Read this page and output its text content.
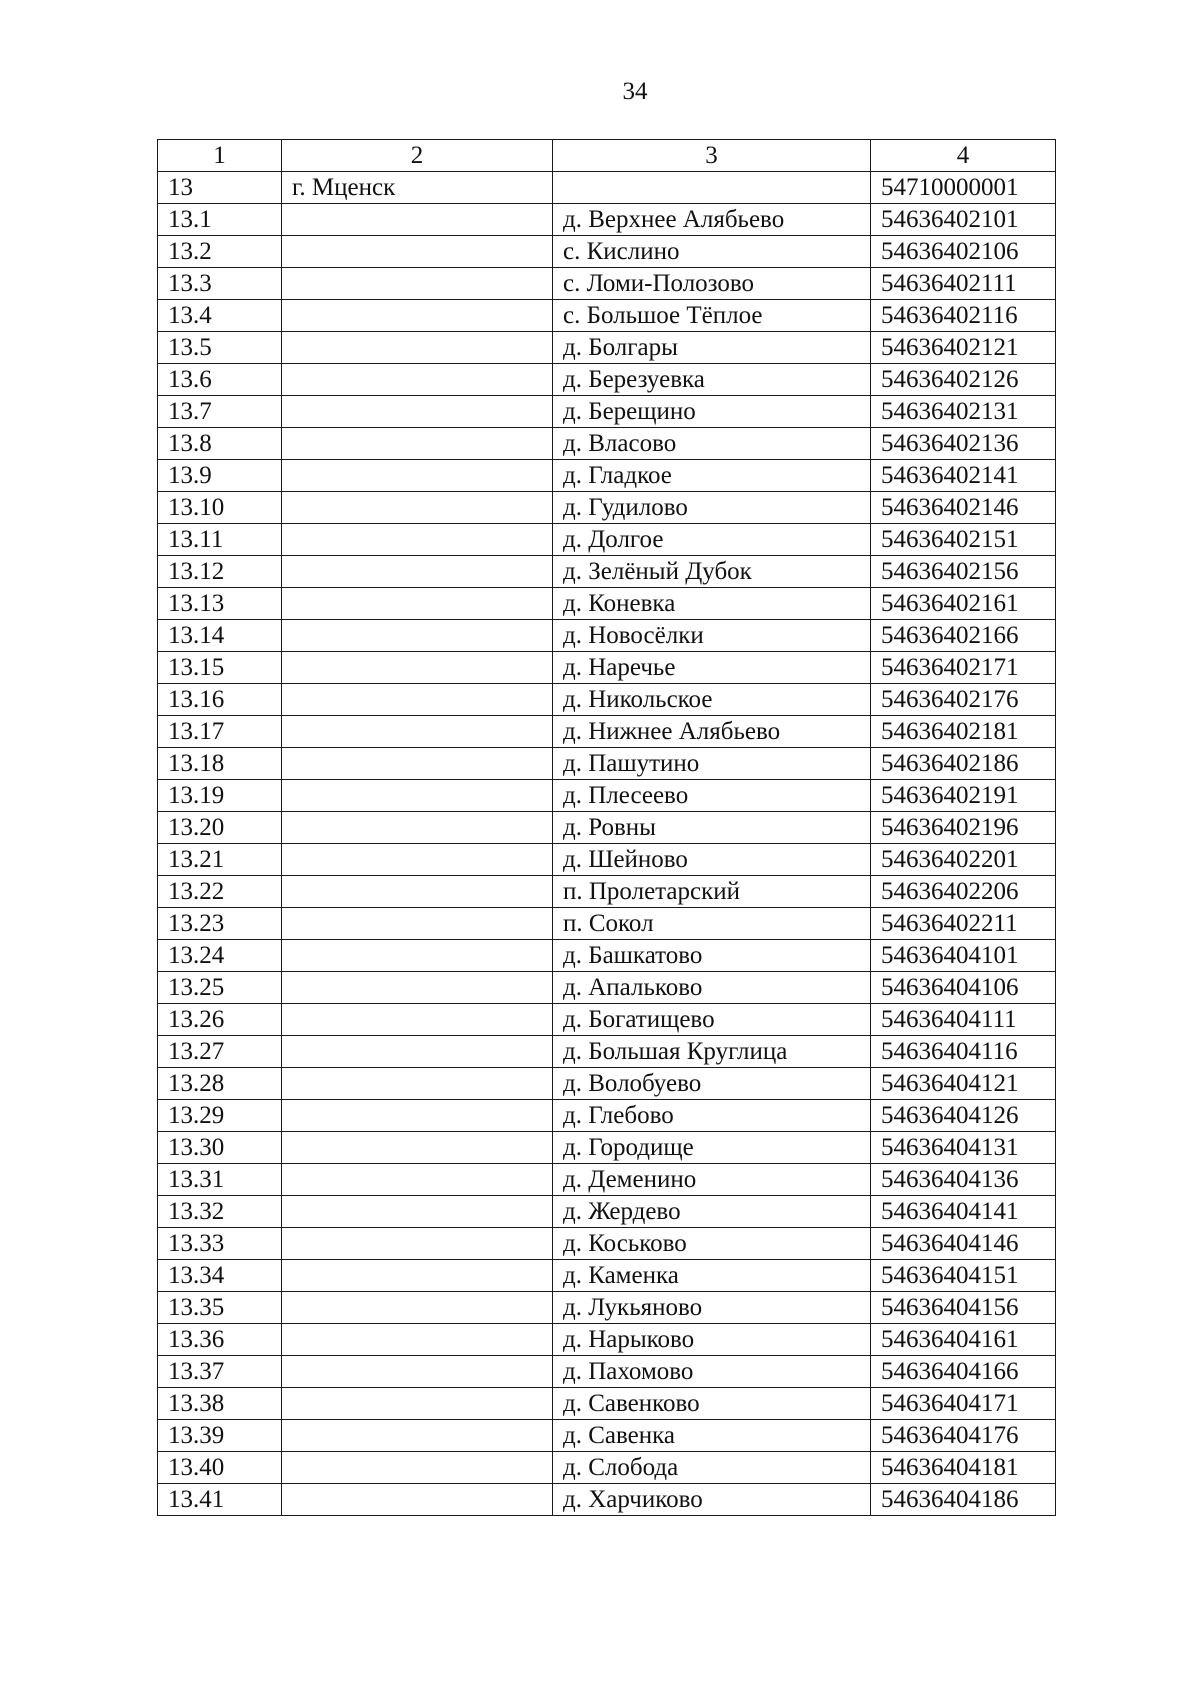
34
1	2	3	4
13	г. Мценск		54710000001
13.1		д. Верхнее Алябьево	54636402101
13.2		с. Кислино	54636402106
13.3		с. Ломи-Полозово	54636402111
13.4		с. Большое Тёплое	54636402116
13.5		д. Болгары	54636402121
13.6		д. Березуевка	54636402126
13.7		д. Берещино	54636402131
13.8		д. Власово	54636402136
13.9		д. Гладкое	54636402141
13.10		д. Гудилово	54636402146
13.11		д. Долгое	54636402151
13.12		д. Зелёный Дубок	54636402156
13.13		д. Коневка	54636402161
13.14		д. Новосёлки	54636402166
13.15		д. Наречье	54636402171
13.16		д. Никольское	54636402176
13.17		д. Нижнее Алябьево	54636402181
13.18		д. Пашутино	54636402186
13.19		д. Плесеево	54636402191
13.20		д. Ровны	54636402196
13.21		д. Шейново	54636402201
13.22		п. Пролетарский	54636402206
13.23		п. Сокол	54636402211
13.24		д. Башкатово	54636404101
13.25		д. Апальково	54636404106
13.26		д. Богатищево	54636404111
13.27		д. Большая Круглица	54636404116
13.28		д. Волобуево	54636404121
13.29		д. Глебово	54636404126
13.30		д. Городище	54636404131
13.31		д. Деменино	54636404136
13.32		д. Жердево	54636404141
13.33		д. Коськово	54636404146
13.34		д. Каменка	54636404151
13.35		д. Лукьяново	54636404156
13.36		д. Нарыково	54636404161
13.37		д. Пахомово	54636404166
13.38		д. Савенково	54636404171
13.39		д. Савенка	54636404176
13.40		д. Слобода	54636404181
13.41		д. Харчиково	54636404186
